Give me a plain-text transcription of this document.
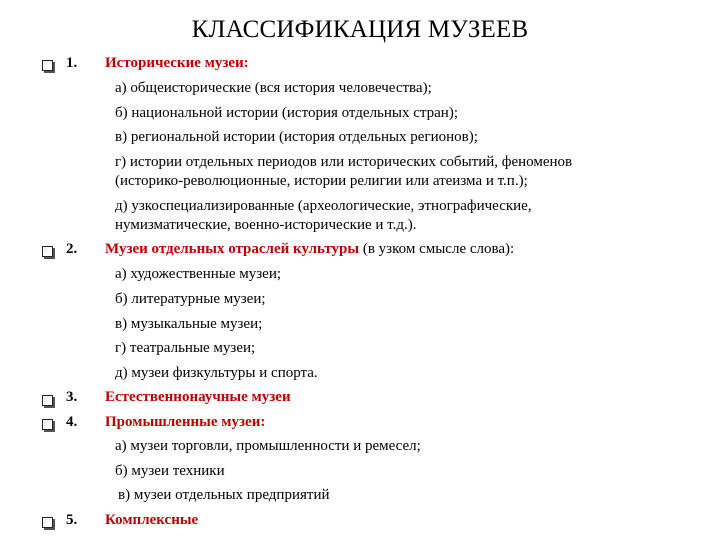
КЛАССИФИКАЦИЯ МУЗЕЕВ
1. Исторические музеи:
а) общеисторические (вся история человечества);
б) национальной истории (история отдельных стран);
в) региональной истории (история отдельных регионов);
г) истории отдельных периодов или исторических событий, феноменов
(историко-революционные, истории религии или атеизма и т.п.);
д) узкоспециализированные (археологические, этнографические,
нумизматические, военно-исторические и т.д.).
2. Музеи отдельных отраслей культуры (в узком смысле слова):
а) художественные музеи;
б) литературные музеи;
в) музыкальные музеи;
г) театральные музеи;
д) музеи физкультуры и спорта.
3. Естественнонаучные музеи
4. Промышленные музеи:
а) музеи торговли, промышленности и ремесел;
б) музеи техники
в) музеи отдельных предприятий
5. Комплексные
